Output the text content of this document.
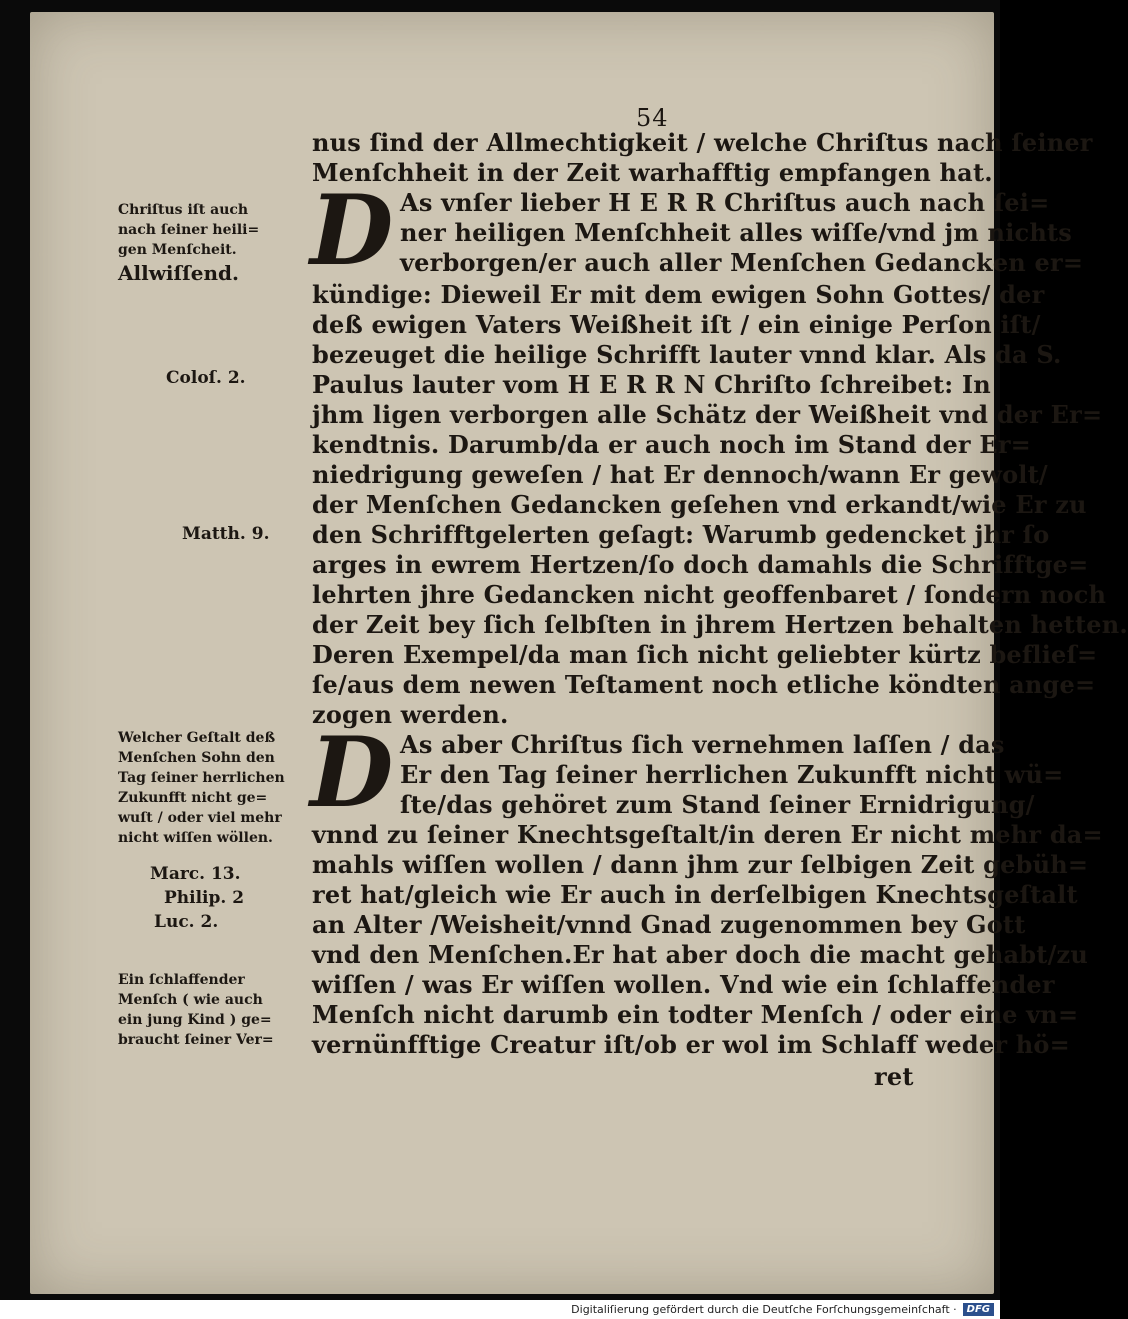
54
nus ſind der Allmechtigkeit / welche Chriſtus nach ſeiner
Menſchheit in der Zeit warhafftig empfangen hat.
D As vnſer lieber H E R R Chriſtus auch nach ſei=
ner heiligen Menſchheit alles wiſſe/vnd jm nichts
verborgen/er auch aller Menſchen Gedancken er=
kündige: Dieweil Er mit dem ewigen Sohn Gottes/ der
deß ewigen Vaters Weißheit iſt / ein einige Perſon iſt/
bezeuget die heilige Schrifft lauter vnnd klar. Als da S.
Paulus lauter vom H E R R N Chriſto ſchreibet: In
jhm ligen verborgen alle Schätz der Weißheit vnd der Er=
kendtnis. Darumb/da er auch noch im Stand der Er=
niedrigung geweſen / hat Er dennoch/wann Er gewolt/
der Menſchen Gedancken geſehen vnd erkandt/wie Er zu
den Schrifftgelerten geſagt: Warumb gedencket jhr ſo
arges in ewrem Hertzen/ſo doch damahls die Schrifftge=
lehrten jhre Gedancken nicht geoffenbaret / ſondern noch
der Zeit bey ſich ſelbſten in jhrem Hertzen behalten hetten.
Deren Exempel/da man ſich nicht geliebter kürtz beflieſ=
ſe/aus dem newen Teſtament noch etliche köndten ange=
zogen werden.
D As aber Chriſtus ſich vernehmen laſſen / das
Er den Tag ſeiner herrlichen Zukunfft nicht wü=
ſte/das gehöret zum Stand ſeiner Ernidrigung/
vnnd zu ſeiner Knechtsgeſtalt/in deren Er nicht mehr da=
mahls wiſſen wollen / dann jhm zur ſelbigen Zeit gebüh=
ret hat/gleich wie Er auch in derſelbigen Knechtsgeſtalt
an Alter /Weisheit/vnnd Gnad zugenommen bey Gott
vnd den Menſchen.Er hat aber doch die macht gehabt/zu
wiſſen / was Er wiſſen wollen. Vnd wie ein ſchlaffender
Menſch nicht darumb ein todter Menſch / oder eine vn=
vernünfftige Creatur iſt/ob er wol im Schlaff weder hö=
ret
Chriſtus iſt auch
nach ſeiner heili=
gen Menſcheit.
Allwiſſend.
Coloſ. 2.
Matth. 9.
Welcher Geſtalt deß
Menſchen Sohn den
Tag ſeiner herrlichen
Zukunfft nicht ge=
wuſt / oder viel mehr
nicht wiſſen wöllen.
Marc. 13.
Philip. 2
Luc. 2.
Ein ſchlaffender
Menſch ( wie auch
ein jung Kind ) ge=
braucht ſeiner Ver=
Digitaliſierung gefördert durch die Deutſche Forſchungsgemeinſchaft ·	DFG
